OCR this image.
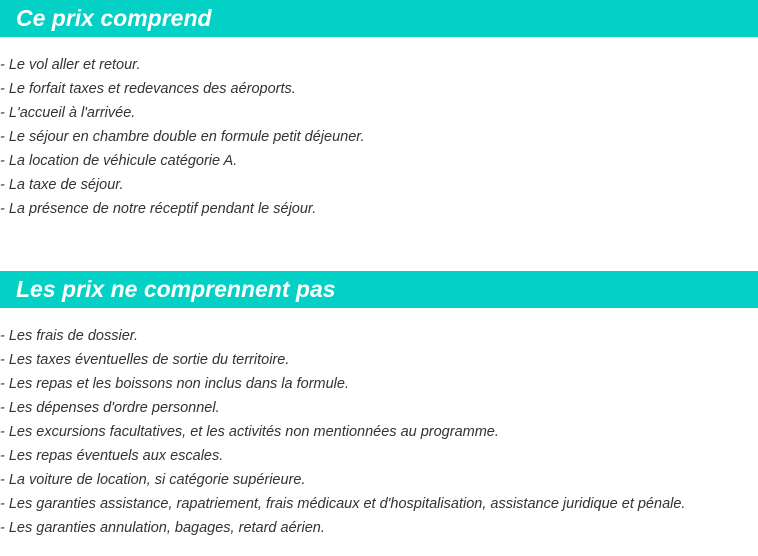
Ce prix comprend
- Le vol aller et retour.
- Le forfait taxes et redevances des aéroports.
- L'accueil à l'arrivée.
- Le séjour en chambre double en formule petit déjeuner.
- La location de véhicule catégorie A.
- La taxe de séjour.
- La présence de notre réceptif pendant le séjour.
Les prix ne comprennent pas
- Les frais de dossier.
- Les taxes éventuelles de sortie du territoire.
- Les repas et les boissons non inclus dans la formule.
- Les dépenses d'ordre personnel.
- Les excursions facultatives, et les activités non mentionnées au programme.
- Les repas éventuels aux escales.
- La voiture de location, si catégorie supérieure.
- Les garanties assistance, rapatriement, frais médicaux et d'hospitalisation, assistance juridique et pénale.
- Les garanties annulation, bagages, retard aérien.
